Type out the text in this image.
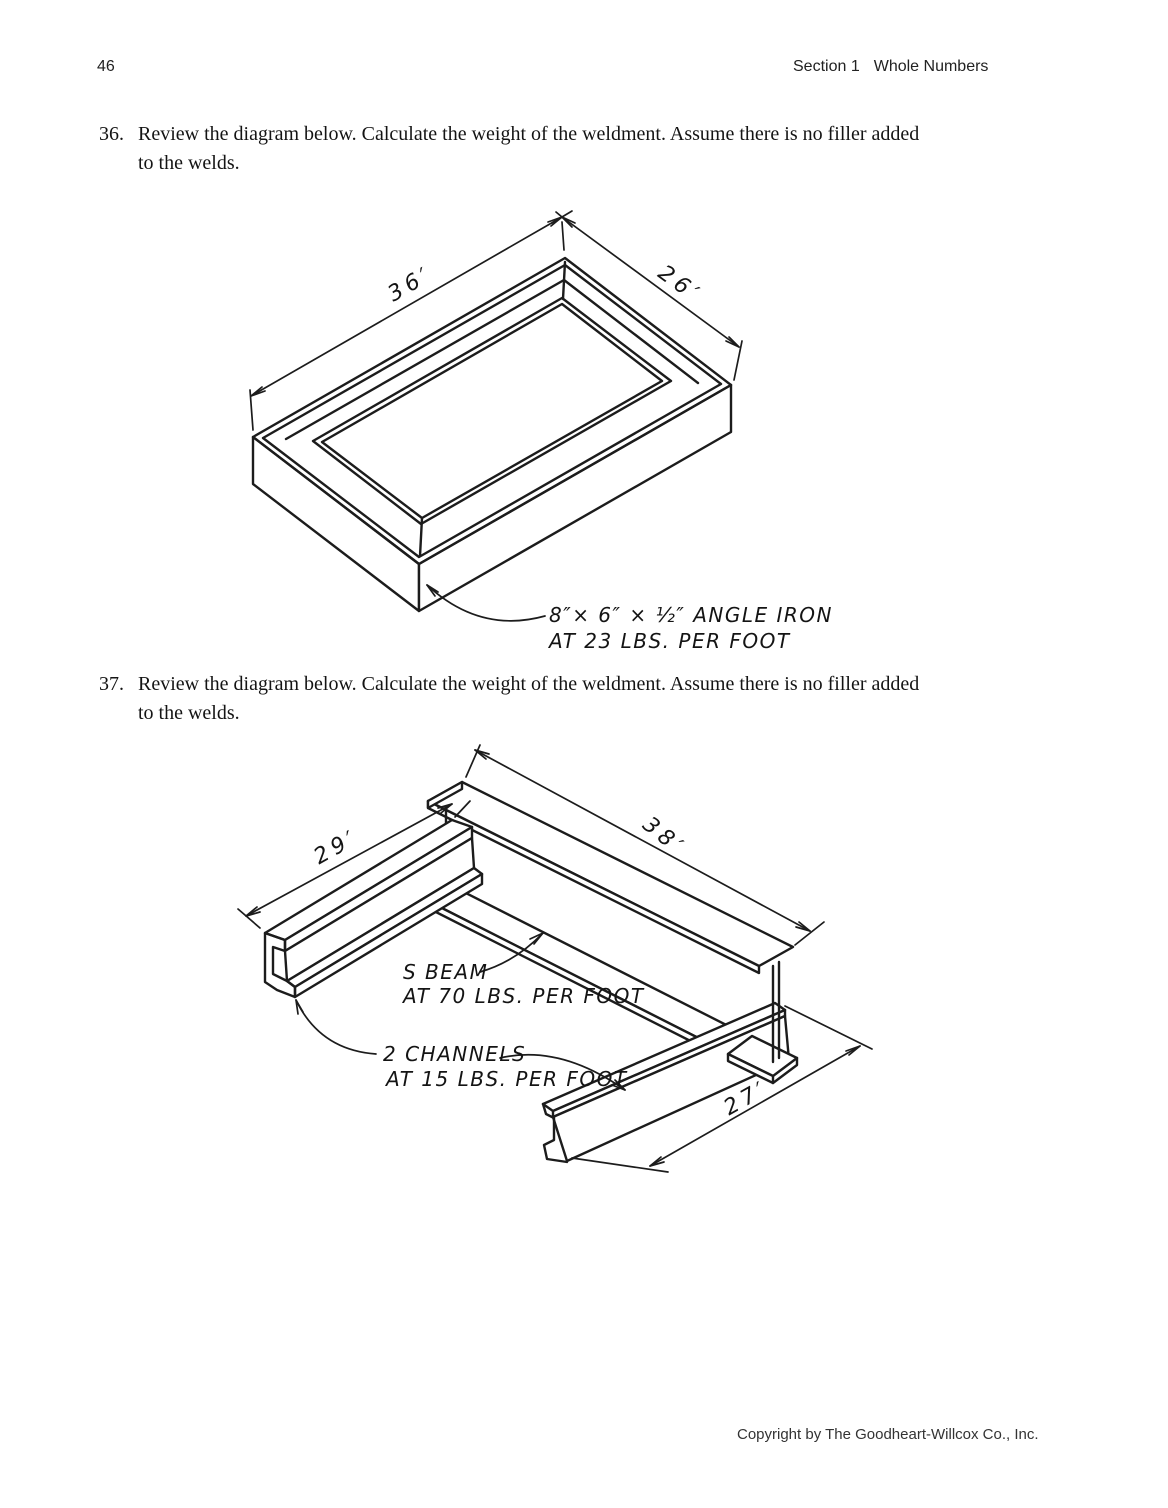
46	Section 1 Whole Numbers
36. Review the diagram below. Calculate the weight of the weldment. Assume there is no filler added
to the welds.
37. Review the diagram below. Calculate the weight of the weldment. Assume there is no filler added
to the welds.
36′	26′
8″× 6″ × ½″ ANGLE IRON
AT 23 LBS. PER FOOT
29′	38′
27′
S BEAM
AT 70 LBS. PER FOOT
2 CHANNELS
AT 15 LBS. PER FOOT
Copyright by The Goodheart-Willcox Co., Inc.
